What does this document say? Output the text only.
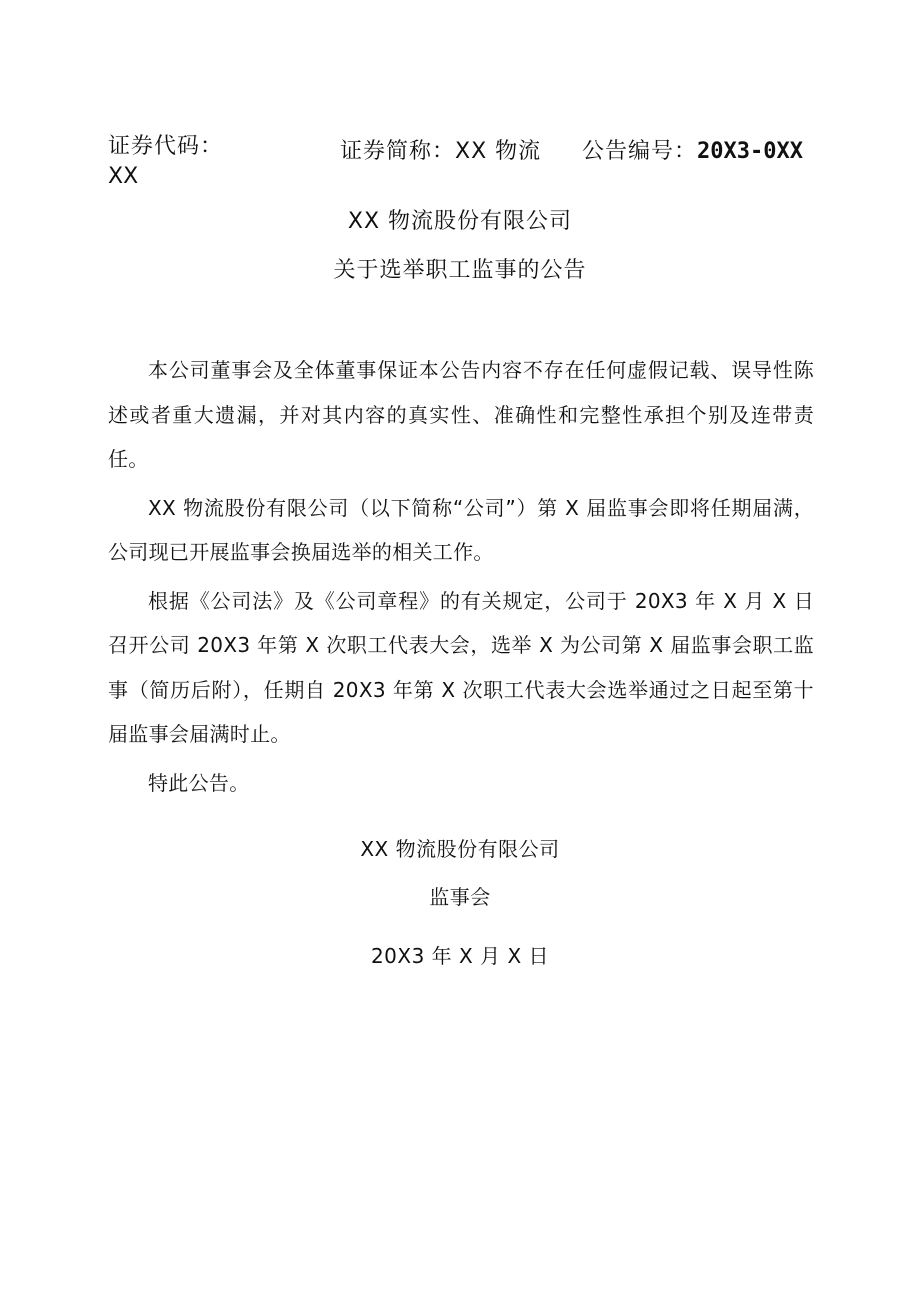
证券代码：
XX
证券简称：XX 物流 公告编号：20X3-0XX
XX 物流股份有限公司
关于选举职工监事的公告

本公司董事会及全体董事保证本公告内容不存在任何虚假记载、误导性陈述或者重大遗漏，并对其内容的真实性、准确性和完整性承担个别及连带责任。

XX 物流股份有限公司（以下简称“公司”）第 X 届监事会即将任期届满，公司现已开展监事会换届选举的相关工作。

根据《公司法》及《公司章程》的有关规定，公司于 20X3 年 X 月 X 日召开公司 20X3 年第 X 次职工代表大会，选举 X 为公司第 X 届监事会职工监事（简历后附），任期自 20X3 年第 X 次职工代表大会选举通过之日起至第十届监事会届满时止。

特此公告。

XX 物流股份有限公司
监事会
20X3 年 X 月 X 日
